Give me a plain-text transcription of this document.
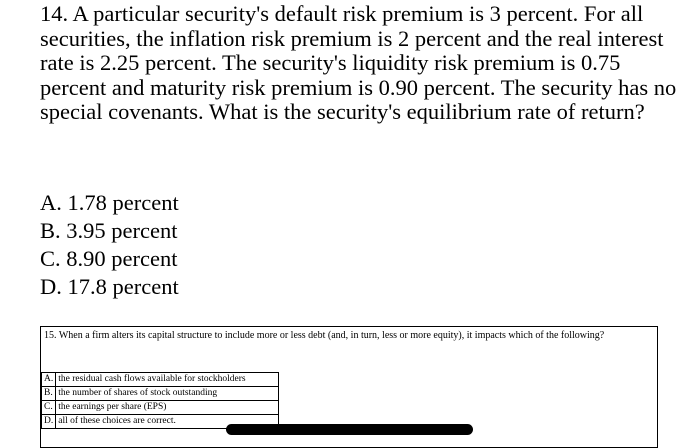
14. A particular security's default risk premium is 3 percent. For all securities, the inflation risk premium is 2 percent and the real interest rate is 2.25 percent. The security's liquidity risk premium is 0.75 percent and maturity risk premium is 0.90 percent. The security has no special covenants. What is the security's equilibrium rate of return?

A. 1.78 percent
B. 3.95 percent
C. 8.90 percent
D. 17.8 percent

15. When a firm alters its capital structure to include more or less debt (and, in turn, less or more equity), it impacts which of the following?

A.	the residual cash flows available for stockholders
B.	the number of shares of stock outstanding
C.	the earnings per share (EPS)
D.	all of these choices are correct.
